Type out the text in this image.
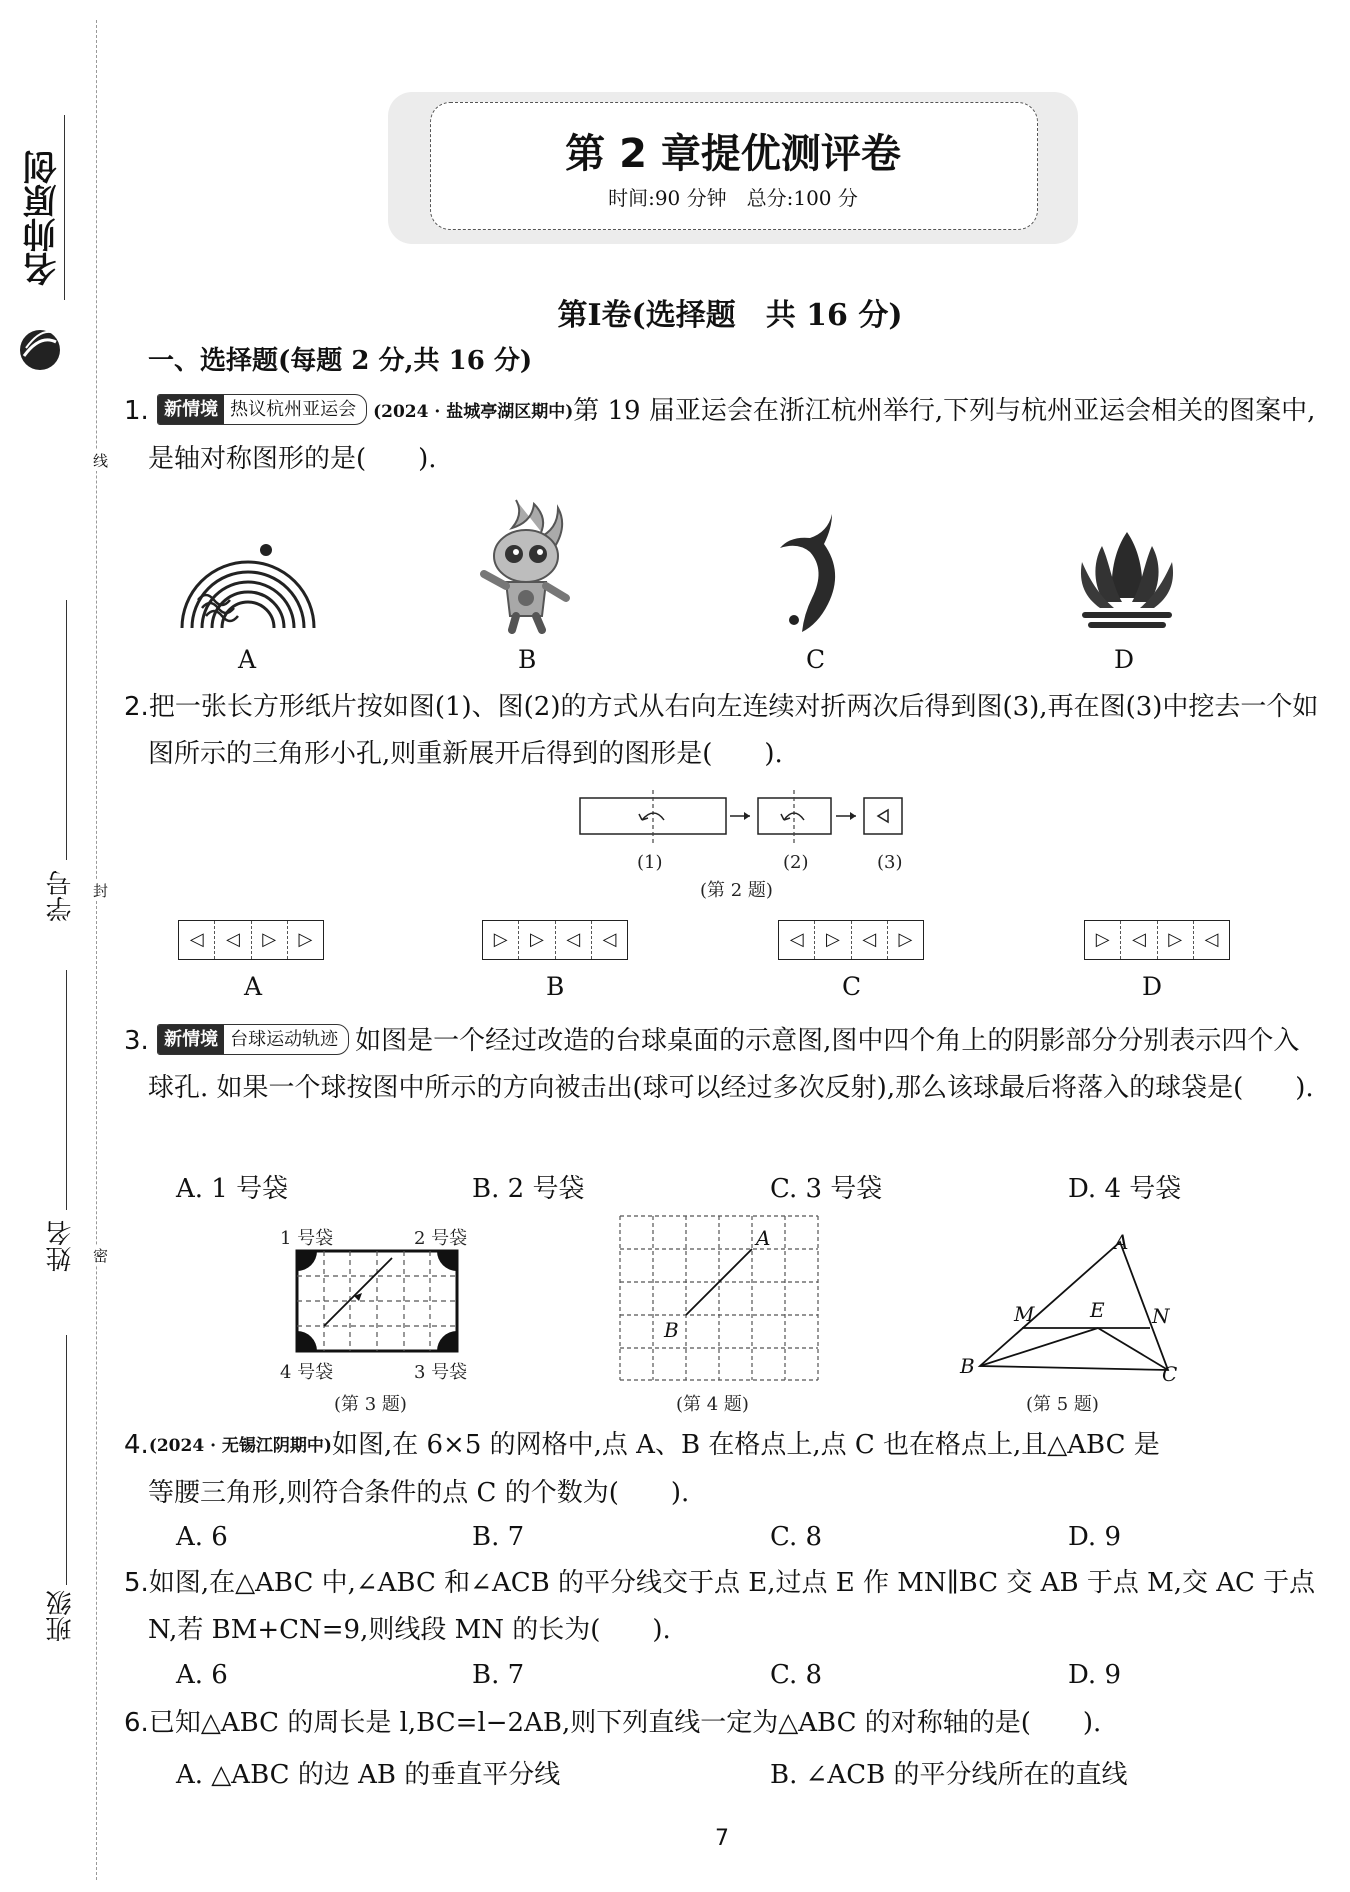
名帅原创
学号
姓名
班级
线
封
密
第 2 章提优测评卷
时间:90 分钟　总分:100 分
第Ⅰ卷(选择题　共 16 分)
一、选择题(每题 2 分,共 16 分)
1. 新情境 热议杭州亚运会	(2024 · 盐城亭湖区期中)第 19 届亚运会在浙江杭州举行,下列与杭州亚运会相关的图案中,是轴对称图形的是(　　).
A	B	C	D
2.把一张长方形纸片按如图(1)、图(2)的方式从右向左连续对折两次后得到图(3),再在图(3)中挖去一个如图所示的三角形小孔,则重新展开后得到的图形是(　　).
(1)	(2)	(3)
(第 2 题)
◁	◁	▷	▷	▷	▷	◁	◁	◁	▷	◁	▷	▷	◁	▷	◁
A	B	C	D
3. 新情境 台球运动轨迹 如图是一个经过改造的台球桌面的示意图,图中四个角上的阴影部分分别表示四个入球孔. 如果一个球按图中所示的方向被击出(球可以经过多次反射),那么该球最后将落入的球袋是(　　).
A. 1 号袋	B. 2 号袋	C. 3 号袋	D. 4 号袋
1 号袋	2 号袋
4 号袋	3 号袋
(第 3 题)
A
B
(第 4 题)
A
M	E N
B	C
(第 5 题)
4.(2024 · 无锡江阴期中)如图,在 6×5 的网格中,点 A、B 在格点上,点 C 也在格点上,且△ABC 是
等腰三角形,则符合条件的点 C 的个数为(　　).
A. 6	B. 7	C. 8	D. 9
5.如图,在△ABC 中,∠ABC 和∠ACB 的平分线交于点 E,过点 E 作 MN∥BC 交 AB 于点 M,交 AC 于点 N,若 BM+CN=9,则线段 MN 的长为(　　).
A. 6	B. 7	C. 8	D. 9
6.已知△ABC 的周长是 l,BC=l−2AB,则下列直线一定为△ABC 的对称轴的是(　　).
A. △ABC 的边 AB 的垂直平分线	B. ∠ACB 的平分线所在的直线
7
